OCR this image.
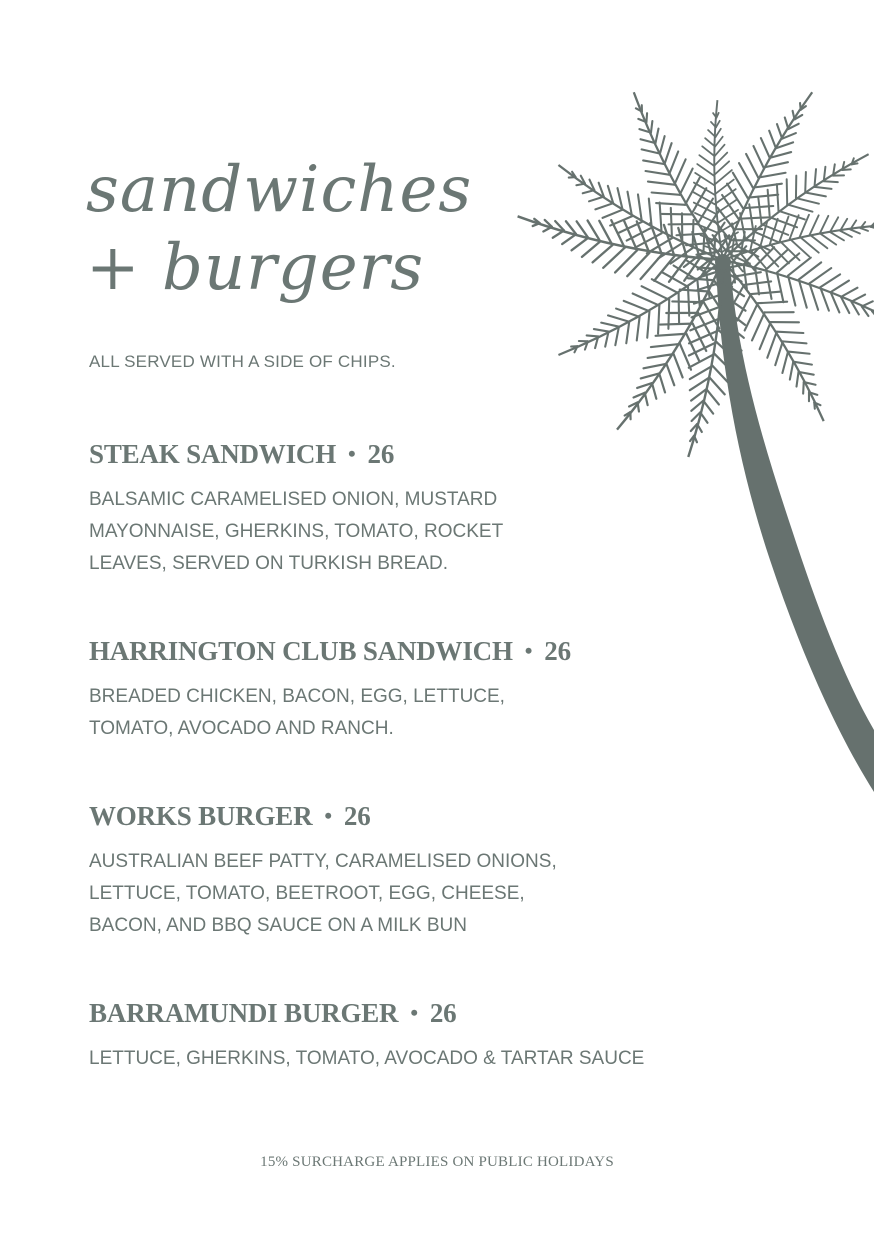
sandwiches
+ burgers
ALL SERVED WITH A SIDE OF CHIPS.
STEAK SANDWICH • 26
BALSAMIC CARAMELISED ONION, MUSTARD
MAYONNAISE, GHERKINS, TOMATO, ROCKET
LEAVES, SERVED ON TURKISH BREAD.
HARRINGTON CLUB SANDWICH • 26
BREADED CHICKEN, BACON, EGG, LETTUCE,
TOMATO, AVOCADO AND RANCH.
WORKS BURGER • 26
AUSTRALIAN BEEF PATTY, CARAMELISED ONIONS,
LETTUCE, TOMATO, BEETROOT, EGG, CHEESE,
BACON, AND BBQ SAUCE ON A MILK BUN
BARRAMUNDI BURGER • 26
LETTUCE, GHERKINS, TOMATO, AVOCADO & TARTAR SAUCE
15% SURCHARGE APPLIES ON PUBLIC HOLIDAYS
